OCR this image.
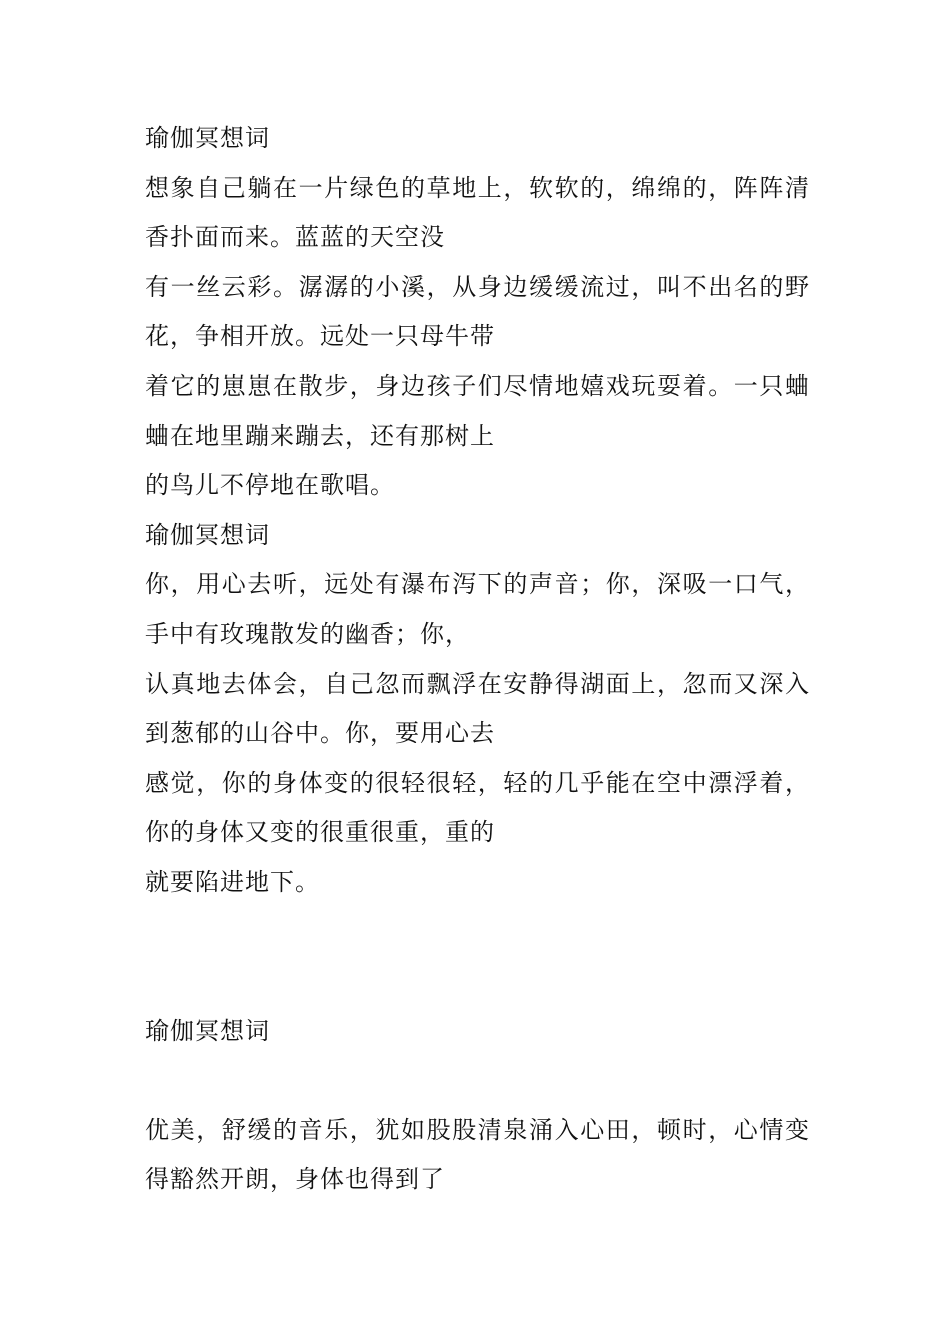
瑜伽冥想词
想象自己躺在一片绿色的草地上，软软的，绵绵的，阵阵清
香扑面而来。蓝蓝的天空没
有一丝云彩。潺潺的小溪，从身边缓缓流过，叫不出名的野
花，争相开放。远处一只母牛带
着它的崽崽在散步，身边孩子们尽情地嬉戏玩耍着。一只蛐
蛐在地里蹦来蹦去，还有那树上
的鸟儿不停地在歌唱。
瑜伽冥想词
你，用心去听，远处有瀑布泻下的声音；你，深吸一口气，
手中有玫瑰散发的幽香；你，
认真地去体会，自己忽而飘浮在安静得湖面上，忽而又深入
到葱郁的山谷中。你，要用心去
感觉，你的身体变的很轻很轻，轻的几乎能在空中漂浮着，
你的身体又变的很重很重，重的
就要陷进地下。
瑜伽冥想词
优美，舒缓的音乐，犹如股股清泉涌入心田，顿时，心情变
得豁然开朗，身体也得到了
